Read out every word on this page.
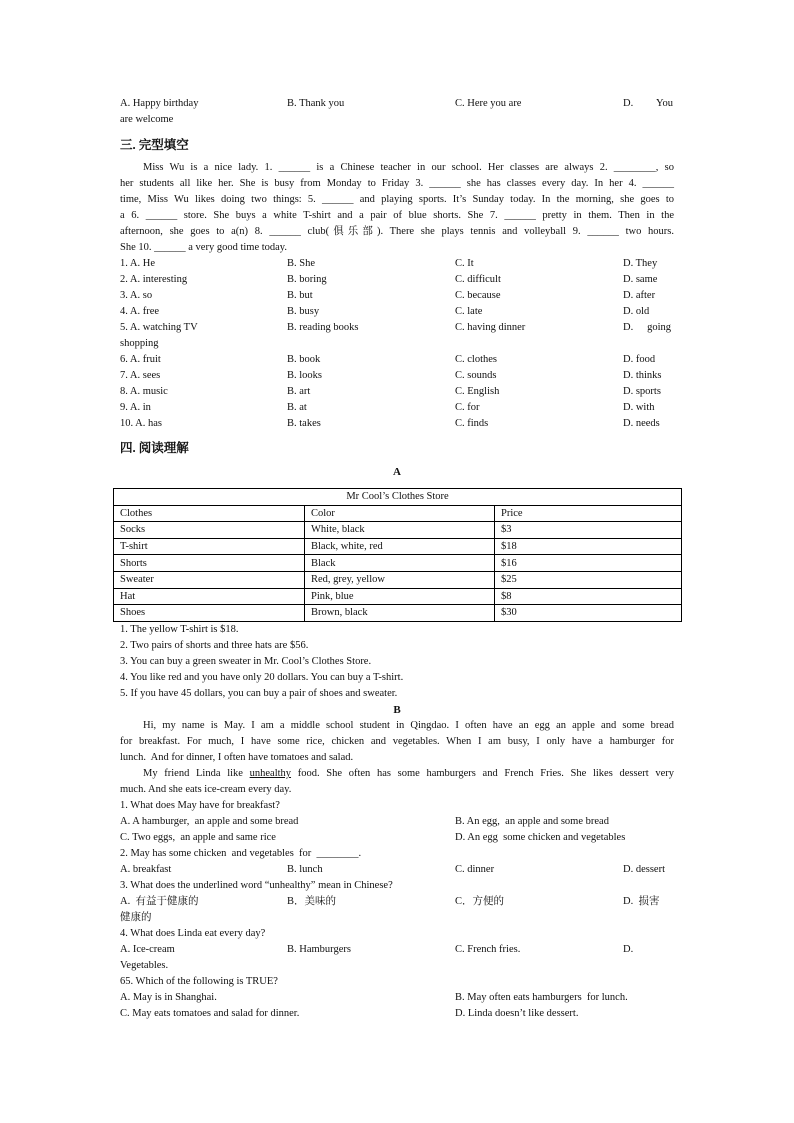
A. Happy birthday	B. Thank you	C. Here you are	D. You
are welcome
三. 完型填空
Miss Wu is a nice lady. 1. ______ is a Chinese teacher in our school. Her classes are always 2. ________, so
her students all like her. She is busy from Monday to Friday 3. ______ she has classes every day. In her 4. ______
time, Miss Wu likes doing two things: 5. ______ and playing sports. It’s Sunday today. In the morning, she goes to
a 6. ______ store. She buys a white T-shirt and a pair of blue shorts. She 7. ______ pretty in them. Then in the
afternoon, she goes to a(n) 8. ______ club(俱乐部). There she plays tennis and volleyball 9. ______ two hours.
She 10. ______ a very good time today.
1. A. He	B. She	C. It	D. They
2. A. interesting	B. boring	C. difficult	D. same
3. A. so	B. but	C. because	D. after
4. A. free	B. busy	C. late	D. old
5. A. watching TV	B. reading books	C. having dinner	D. going
shopping
6. A. fruit	B. book	C. clothes	D. food
7. A. sees	B. looks	C. sounds	D. thinks
8. A. music	B. art	C. English	D. sports
9. A. in	B. at	C. for	D. with
10. A. has	B. takes	C. finds	D. needs
四. 阅读理解
A
Mr Cool’s Clothes Store		
Clothes	Color	Price
Socks	White, black	$3
T-shirt	Black, white, red	$18
Shorts	Black	$16
Sweater	Red, grey, yellow	$25
Hat	Pink, blue	$8
Shoes	Brown, black	$30
1. The yellow T-shirt is $18.
2. Two pairs of shorts and three hats are $56.
3. You can buy a green sweater in Mr. Cool’s Clothes Store.
4. You like red and you have only 20 dollars. You can buy a T-shirt.
5. If you have 45 dollars, you can buy a pair of shoes and sweater.
B
Hi, my name is May. I am a middle school student in Qingdao. I often have an egg an apple and some bread
for breakfast. For much, I have some rice, chicken and vegetables. When I am busy, I only have a hamburger for
lunch.  And for dinner, I often have tomatoes and salad.
My friend Linda like unhealthy food. She often has some hamburgers and French Fries. She likes dessert very
much. And she eats ice-cream every day.
1. What does May have for breakfast?
A. A hamburger,  an apple and some bread	B. An egg,  an apple and some bread
C. Two eggs,  an apple and same rice	D. An egg  some chicken and vegetables
2. May has some chicken  and vegetables  for  ________.
A. breakfast	B. lunch	C. dinner	D. dessert
3. What does the underlined word “unhealthy” mean in Chinese?
A.  有益于健康的	B．美味的	C．方便的	D.  损害
健康的
4. What does Linda eat every day?
A. Ice-cream	B. Hamburgers	C. French fries.	D.
Vegetables.
65. Which of the following is TRUE?
A. May is in Shanghai.	B. May often eats hamburgers  for lunch.
C. May eats tomatoes and salad for dinner.	D. Linda doesn’t like dessert.
